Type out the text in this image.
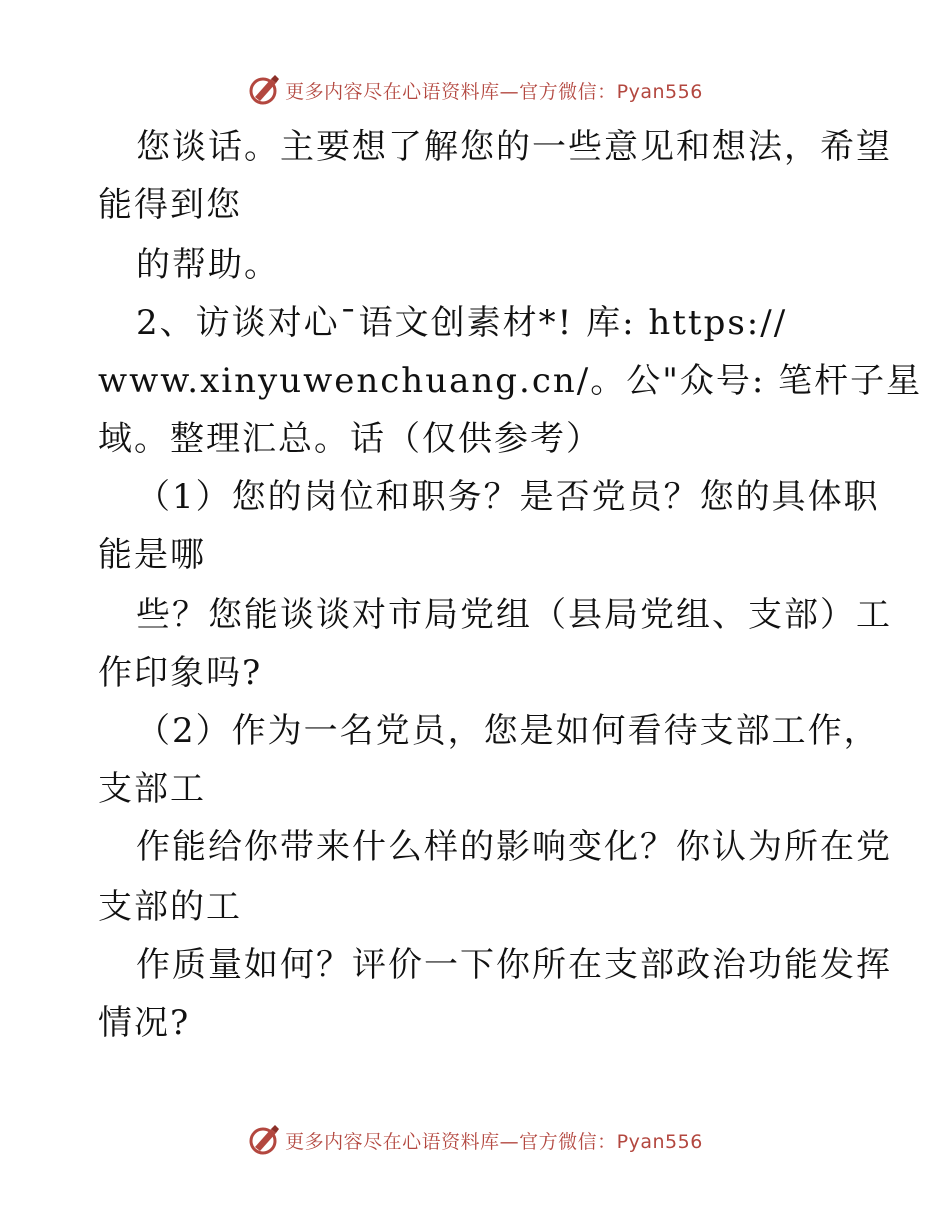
更多内容尽在心语资料库—官方微信：Pyan556
您谈话。主要想了解您的一些意见和想法，希望
能得到您
的帮助。
2、访谈对心¯语文创素材*! 库: https://
www.xinyuwenchuang.cn/。公"众号: 笔杆子星
域。整理汇总。话（仅供参考）
（1）您的岗位和职务？是否党员？您的具体职
能是哪
些？您能谈谈对市局党组（县局党组、支部）工
作印象吗?
（2）作为一名党员，您是如何看待支部工作，
支部工
作能给你带来什么样的影响变化？你认为所在党
支部的工
作质量如何？评价一下你所在支部政治功能发挥
情况?
更多内容尽在心语资料库—官方微信：Pyan556
